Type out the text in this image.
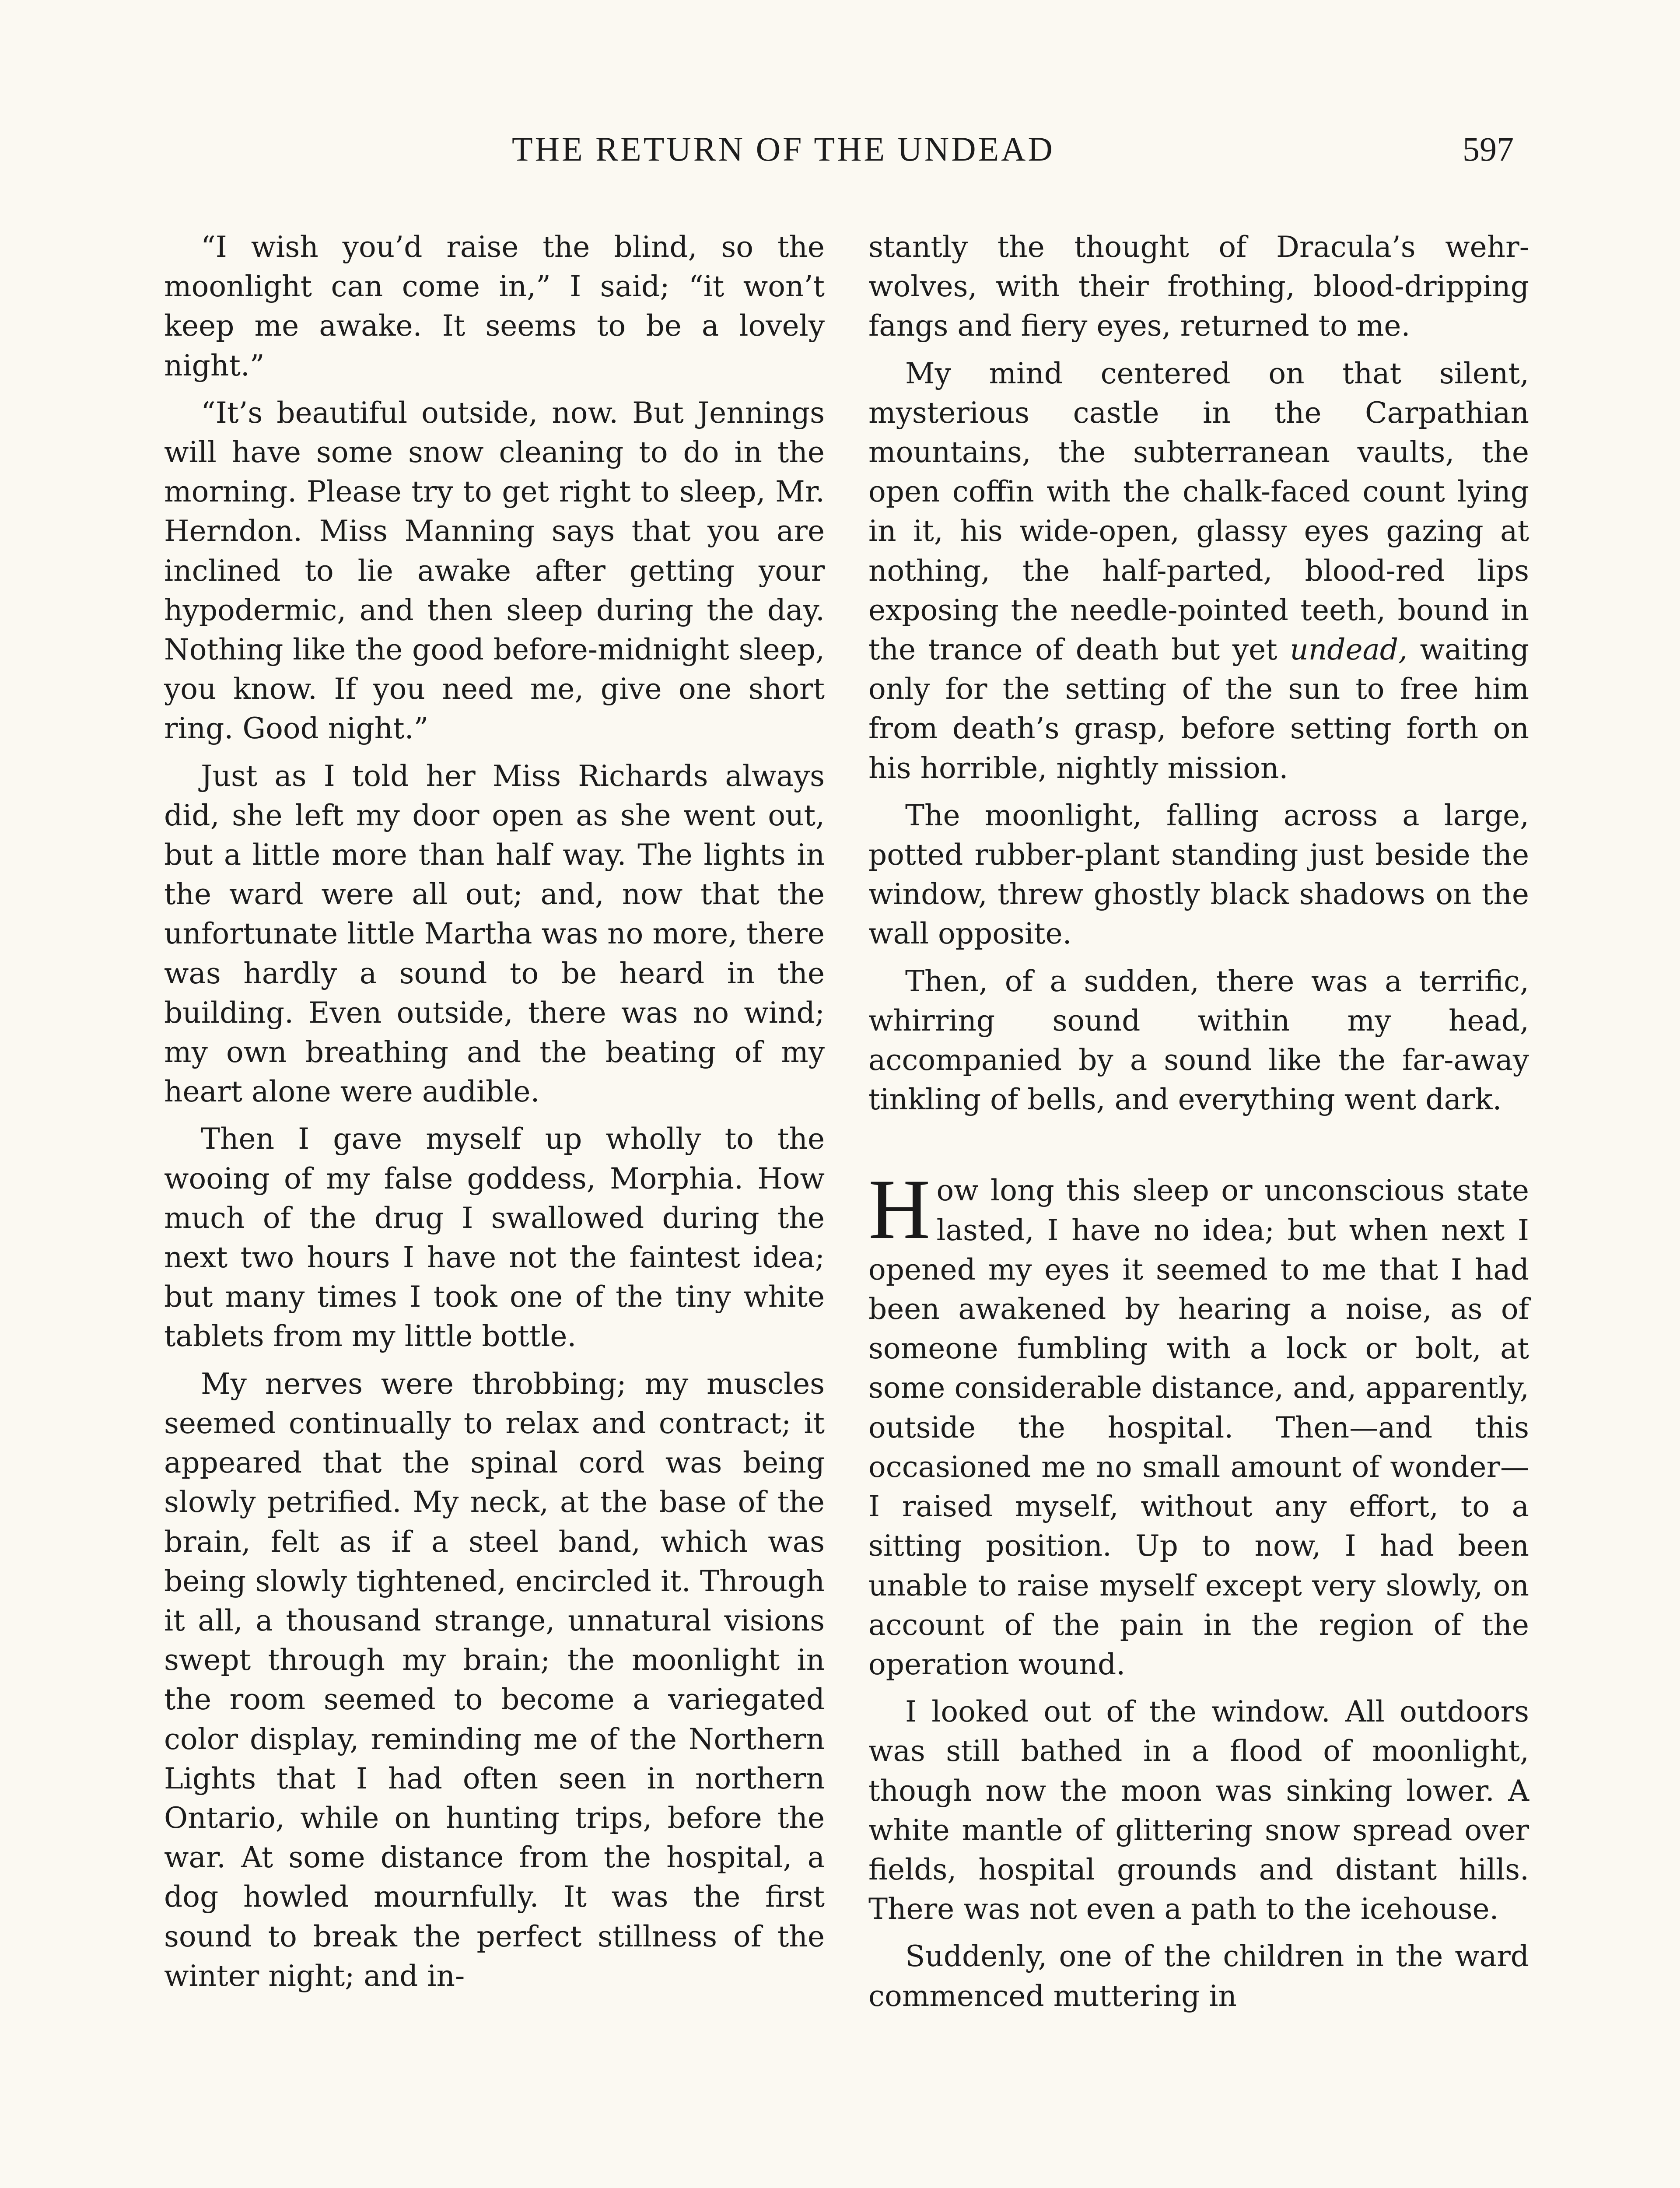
THE RETURN OF THE UNDEAD	597

“I wish you’d raise the blind, so the moonlight can come in,” I said; “it won’t keep me awake. It seems to be a lovely night.”

“It’s beautiful outside, now. But Jennings will have some snow cleaning to do in the morning. Please try to get right to sleep, Mr. Herndon. Miss Manning says that you are inclined to lie awake after getting your hypodermic, and then sleep during the day. Nothing like the good before-midnight sleep, you know. If you need me, give one short ring. Good night.”

Just as I told her Miss Richards always did, she left my door open as she went out, but a little more than half way. The lights in the ward were all out; and, now that the unfortunate little Martha was no more, there was hardly a sound to be heard in the building. Even outside, there was no wind; my own breathing and the beating of my heart alone were audible.

Then I gave myself up wholly to the wooing of my false goddess, Morphia. How much of the drug I swallowed during the next two hours I have not the faintest idea; but many times I took one of the tiny white tablets from my little bottle.

My nerves were throbbing; my muscles seemed continually to relax and contract; it appeared that the spinal cord was being slowly petrified. My neck, at the base of the brain, felt as if a steel band, which was being slowly tightened, encircled it. Through it all, a thousand strange, unnatural visions swept through my brain; the moonlight in the room seemed to become a variegated color display, reminding me of the Northern Lights that I had often seen in northern Ontario, while on hunting trips, before the war. At some distance from the hospital, a dog howled mournfully. It was the first sound to break the perfect stillness of the winter night; and in-

stantly the thought of Dracula’s wehr-wolves, with their frothing, blood-dripping fangs and fiery eyes, returned to me.

My mind centered on that silent, mysterious castle in the Carpathian mountains, the subterranean vaults, the open coffin with the chalk-faced count lying in it, his wide-open, glassy eyes gazing at nothing, the half-parted, blood-red lips exposing the needle-pointed teeth, bound in the trance of death but yet undead, waiting only for the setting of the sun to free him from death’s grasp, before setting forth on his horrible, nightly mission.

The moonlight, falling across a large, potted rubber-plant standing just beside the window, threw ghostly black shadows on the wall opposite.

Then, of a sudden, there was a terrific, whirring sound within my head, accompanied by a sound like the far-away tinkling of bells, and everything went dark.

How long this sleep or unconscious state lasted, I have no idea; but when next I opened my eyes it seemed to me that I had been awakened by hearing a noise, as of someone fumbling with a lock or bolt, at some considerable distance, and, apparently, outside the hospital. Then—and this occasioned me no small amount of wonder—I raised myself, without any effort, to a sitting position. Up to now, I had been unable to raise myself except very slowly, on account of the pain in the region of the operation wound.

I looked out of the window. All outdoors was still bathed in a flood of moonlight, though now the moon was sinking lower. A white mantle of glittering snow spread over fields, hospital grounds and distant hills. There was not even a path to the icehouse.

Suddenly, one of the children in the ward commenced muttering in
